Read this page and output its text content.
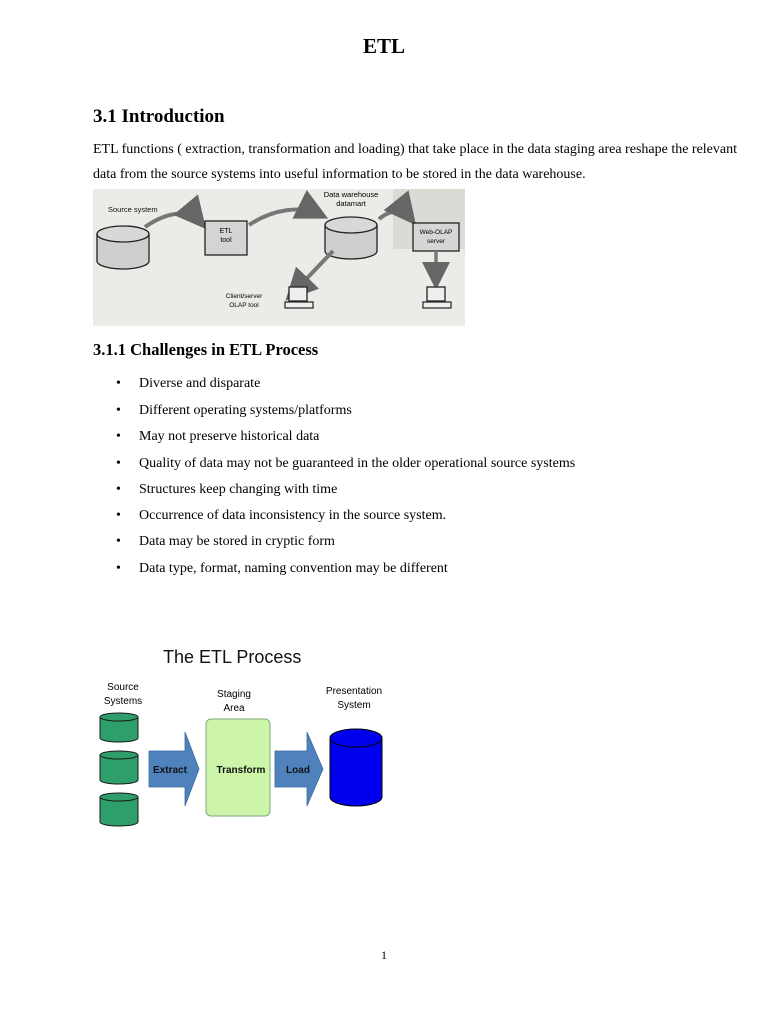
ETL
3.1 Introduction
ETL functions ( extraction, transformation and loading) that take place in the data staging area reshape the relevant data from the source systems into useful information to be stored in the data warehouse.
Source system
ETL
tool
Data warehouse
datamart
Web-OLAP
server
Client/server
OLAP tool
3.1.1 Challenges in ETL Process
• Diverse and disparate
• Different operating systems/platforms
• May not preserve historical data
• Quality of data may not be guaranteed in the older operational source systems
• Structures keep changing with time
• Occurrence of data inconsistency in the source system.
• Data may be stored in cryptic form
• Data type, format, naming convention may be different
The ETL Process
Source
Systems
Staging
Area
Presentation
System
Extract	Transform Load
1
